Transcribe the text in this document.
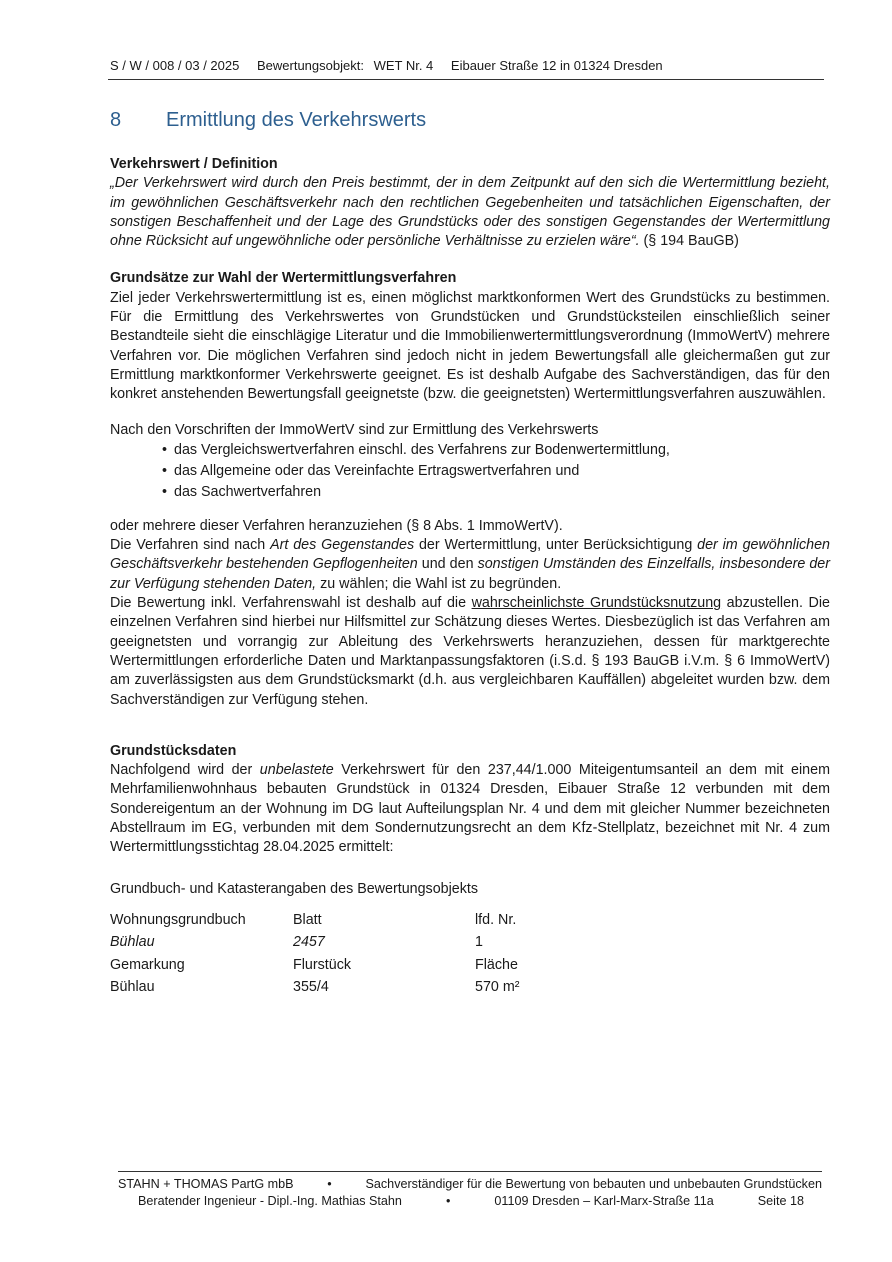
S / W / 008 / 03 / 2025 Bewertungsobjekt: WET Nr. 4 Eibauer Straße 12 in 01324 Dresden
8 Ermittlung des Verkehrswerts

Verkehrswert / Definition

„Der Verkehrswert wird durch den Preis bestimmt, der in dem Zeitpunkt auf den sich die Wertermittlung bezieht, im gewöhnlichen Geschäftsverkehr nach den rechtlichen Gegebenheiten und tatsächlichen Eigenschaften, der sonstigen Beschaffenheit und der Lage des Grundstücks oder des sonstigen Gegenstandes der Wertermittlung ohne Rücksicht auf ungewöhnliche oder persönliche Verhältnisse zu erzielen wäre“. (§ 194 BauGB)

Grundsätze zur Wahl der Wertermittlungsverfahren

Ziel jeder Verkehrswertermittlung ist es, einen möglichst marktkonformen Wert des Grundstücks zu bestimmen. Für die Ermittlung des Verkehrswertes von Grundstücken und Grundstücksteilen einschließlich seiner Bestandteile sieht die einschlägige Literatur und die Immobilienwertermittlungsverordnung (ImmoWertV) mehrere Verfahren vor. Die möglichen Verfahren sind jedoch nicht in jedem Bewertungsfall alle gleichermaßen gut zur Ermittlung marktkonformer Verkehrswerte geeignet. Es ist deshalb Aufgabe des Sachverständigen, das für den konkret anstehenden Bewertungsfall geeignetste (bzw. die geeignetsten) Wertermittlungsverfahren auszuwählen.

Nach den Vorschriften der ImmoWertV sind zur Ermittlung des Verkehrswerts

• das Vergleichswertverfahren einschl. des Verfahrens zur Bodenwertermittlung,
• das Allgemeine oder das Vereinfachte Ertragswertverfahren und
• das Sachwertverfahren

oder mehrere dieser Verfahren heranzuziehen (§ 8 Abs. 1 ImmoWertV).

Die Verfahren sind nach Art des Gegenstandes der Wertermittlung, unter Berücksichtigung der im gewöhnlichen Geschäftsverkehr bestehenden Gepflogenheiten und den sonstigen Umständen des Einzelfalls, insbesondere der zur Verfügung stehenden Daten, zu wählen; die Wahl ist zu begründen.

Die Bewertung inkl. Verfahrenswahl ist deshalb auf die wahrscheinlichste Grundstücksnutzung abzustellen. Die einzelnen Verfahren sind hierbei nur Hilfsmittel zur Schätzung dieses Wertes. Diesbezüglich ist das Verfahren am geeignetsten und vorrangig zur Ableitung des Verkehrswerts heranzuziehen, dessen für marktgerechte Wertermittlungen erforderliche Daten und Marktanpassungsfaktoren (i.S.d. § 193 BauGB i.V.m. § 6 ImmoWertV) am zuverlässigsten aus dem Grundstücksmarkt (d.h. aus vergleichbaren Kauffällen) abgeleitet wurden bzw. dem Sachverständigen zur Verfügung stehen.

Grundstücksdaten

Nachfolgend wird der unbelastete Verkehrswert für den 237,44/1.000 Miteigentumsanteil an dem mit einem Mehrfamilienwohnhaus bebauten Grundstück in 01324 Dresden, Eibauer Straße 12 verbunden mit dem Sondereigentum an der Wohnung im DG laut Aufteilungsplan Nr. 4 und dem mit gleicher Nummer bezeichneten Abstellraum im EG, verbunden mit dem Sondernutzungsrecht an dem Kfz-Stellplatz, bezeichnet mit Nr. 4 zum Wertermittlungsstichtag 28.04.2025 ermittelt:

Grundbuch- und Katasterangaben des Bewertungsobjekts

Wohnungsgrundbuch	Blatt	lfd. Nr.
Bühlau	2457	1
Gemarkung	Flurstück	Fläche
Bühlau	355/4	570 m²
STAHN + THOMAS PartG mbB	•	Sachverständiger für die Bewertung von bebauten und unbebauten Grundstücken
Beratender Ingenieur - Dipl.-Ing. Mathias Stahn	•	01109 Dresden – Karl-Marx-Straße 11a	Seite 18
